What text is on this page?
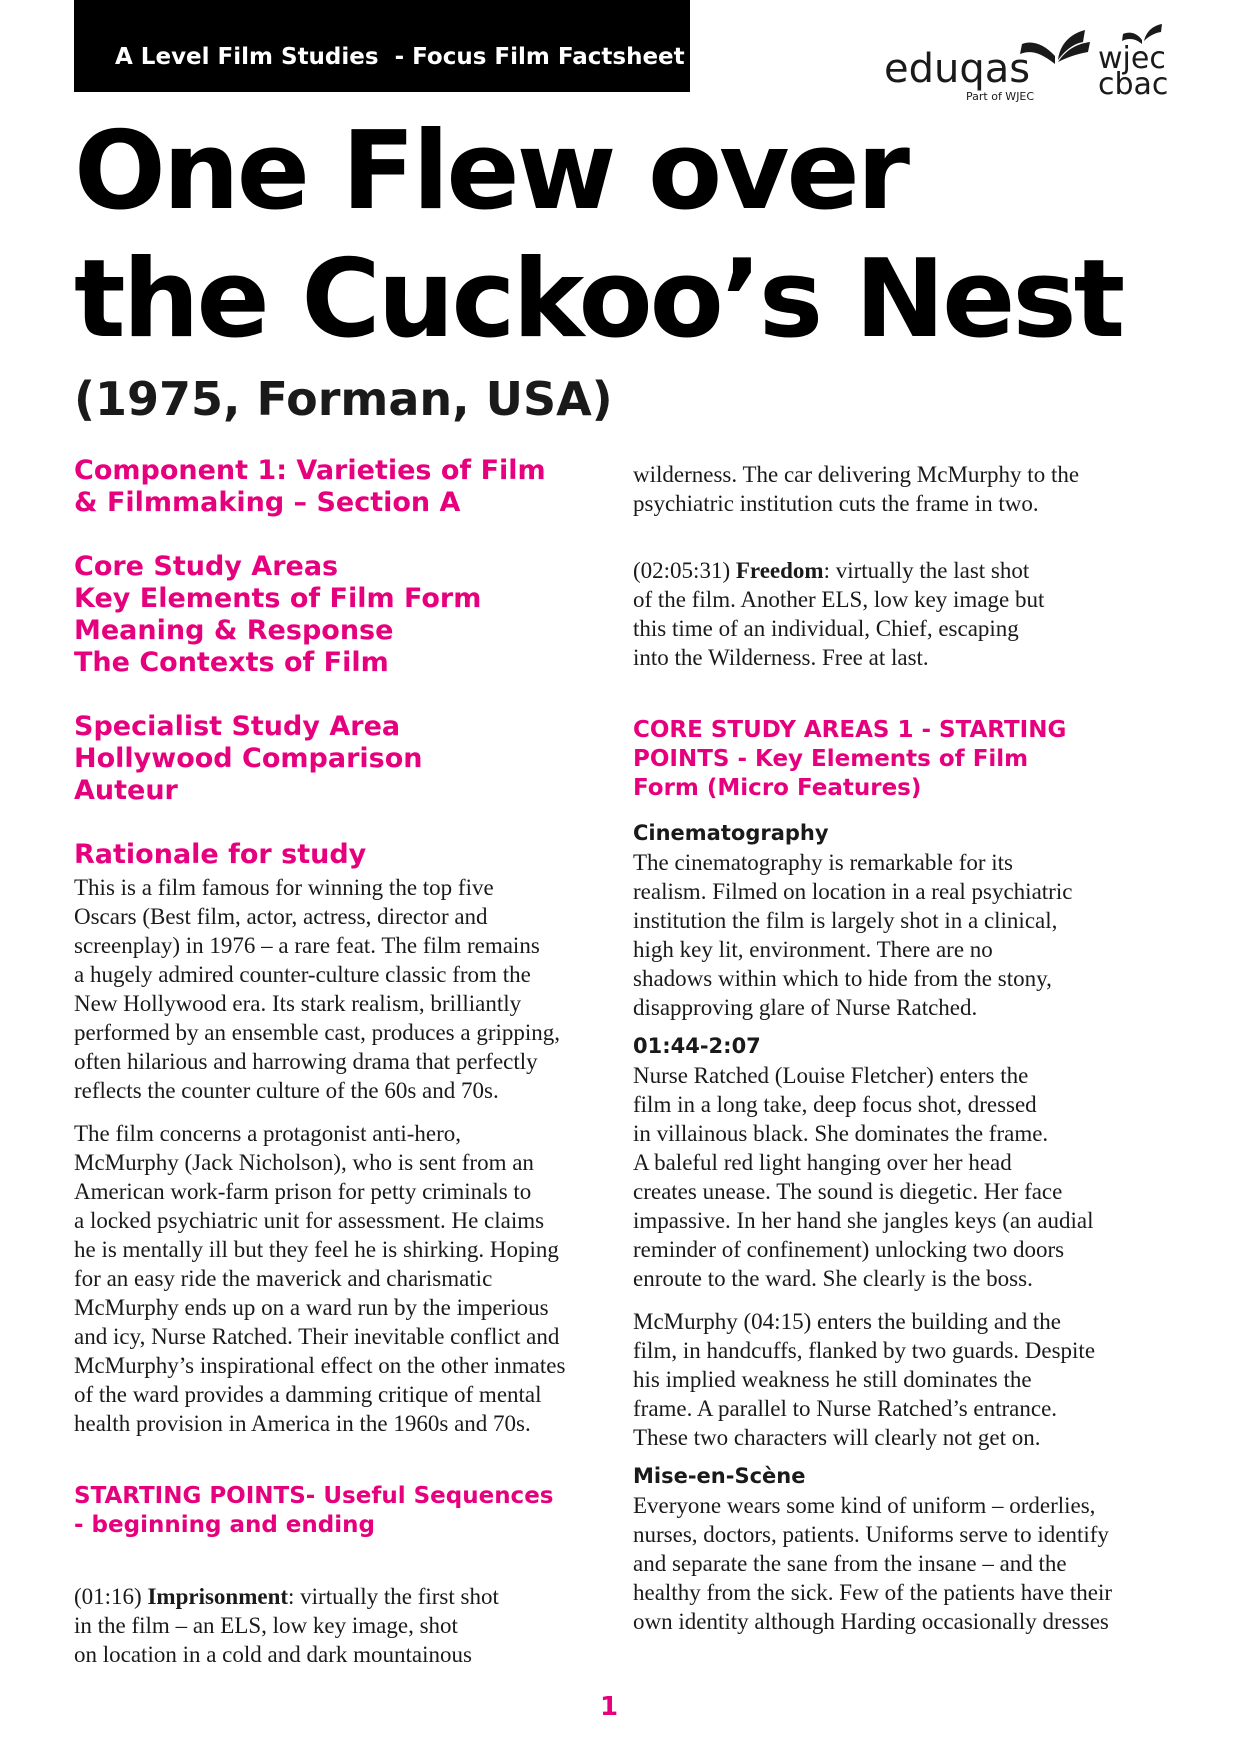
A Level Film Studies  - Focus Film Factsheet	eduqas
Part of WJEC
wjec
cbac
One Flew over
the Cuckoo’s Nest
(1975, Forman, USA)
Component 1: Varieties of Film
& Filmmaking – Section A
Core Study Areas
Key Elements of Film Form
Meaning & Response
The Contexts of Film
Specialist Study Area
Hollywood Comparison
Auteur
Rationale for study

This is a film famous for winning the top five
Oscars (Best film, actor, actress, director and
screenplay) in 1976 – a rare feat. The film remains
a hugely admired counter-culture classic from the
New Hollywood era. Its stark realism, brilliantly
performed by an ensemble cast, produces a gripping,
often hilarious and harrowing drama that perfectly
reflects the counter culture of the 60s and 70s.

The film concerns a protagonist anti-hero,
McMurphy (Jack Nicholson), who is sent from an
American work-farm prison for petty criminals to
a locked psychiatric unit for assessment. He claims
he is mentally ill but they feel he is shirking. Hoping
for an easy ride the maverick and charismatic
McMurphy ends up on a ward run by the imperious
and icy, Nurse Ratched. Their inevitable conflict and
McMurphy’s inspirational effect on the other inmates
of the ward provides a damming critique of mental
health provision in America in the 1960s and 70s.

STARTING POINTS- Useful Sequences
- beginning and ending

(01:16) Imprisonment: virtually the first shot
in the film – an ELS, low key image, shot
on location in a cold and dark mountainous

wilderness. The car delivering McMurphy to the
psychiatric institution cuts the frame in two.

(02:05:31) Freedom: virtually the last shot
of the film. Another ELS, low key image but
this time of an individual, Chief, escaping
into the Wilderness. Free at last.

CORE STUDY AREAS 1 - STARTING
POINTS - Key Elements of Film
Form (Micro Features)
Cinematography

The cinematography is remarkable for its
realism. Filmed on location in a real psychiatric
institution the film is largely shot in a clinical,
high key lit, environment. There are no
shadows within which to hide from the stony,
disapproving glare of Nurse Ratched.

01:44-2:07

Nurse Ratched (Louise Fletcher) enters the
film in a long take, deep focus shot, dressed
in villainous black. She dominates the frame.
A baleful red light hanging over her head
creates unease. The sound is diegetic. Her face
impassive. In her hand she jangles keys (an audial
reminder of confinement) unlocking two doors
enroute to the ward. She clearly is the boss.

McMurphy (04:15) enters the building and the
film, in handcuffs, flanked by two guards. Despite
his implied weakness he still dominates the
frame. A parallel to Nurse Ratched’s entrance.
These two characters will clearly not get on.

Mise-en-Scène

Everyone wears some kind of uniform – orderlies,
nurses, doctors, patients. Uniforms serve to identify
and separate the sane from the insane – and the
healthy from the sick. Few of the patients have their
own identity although Harding occasionally dresses

1
